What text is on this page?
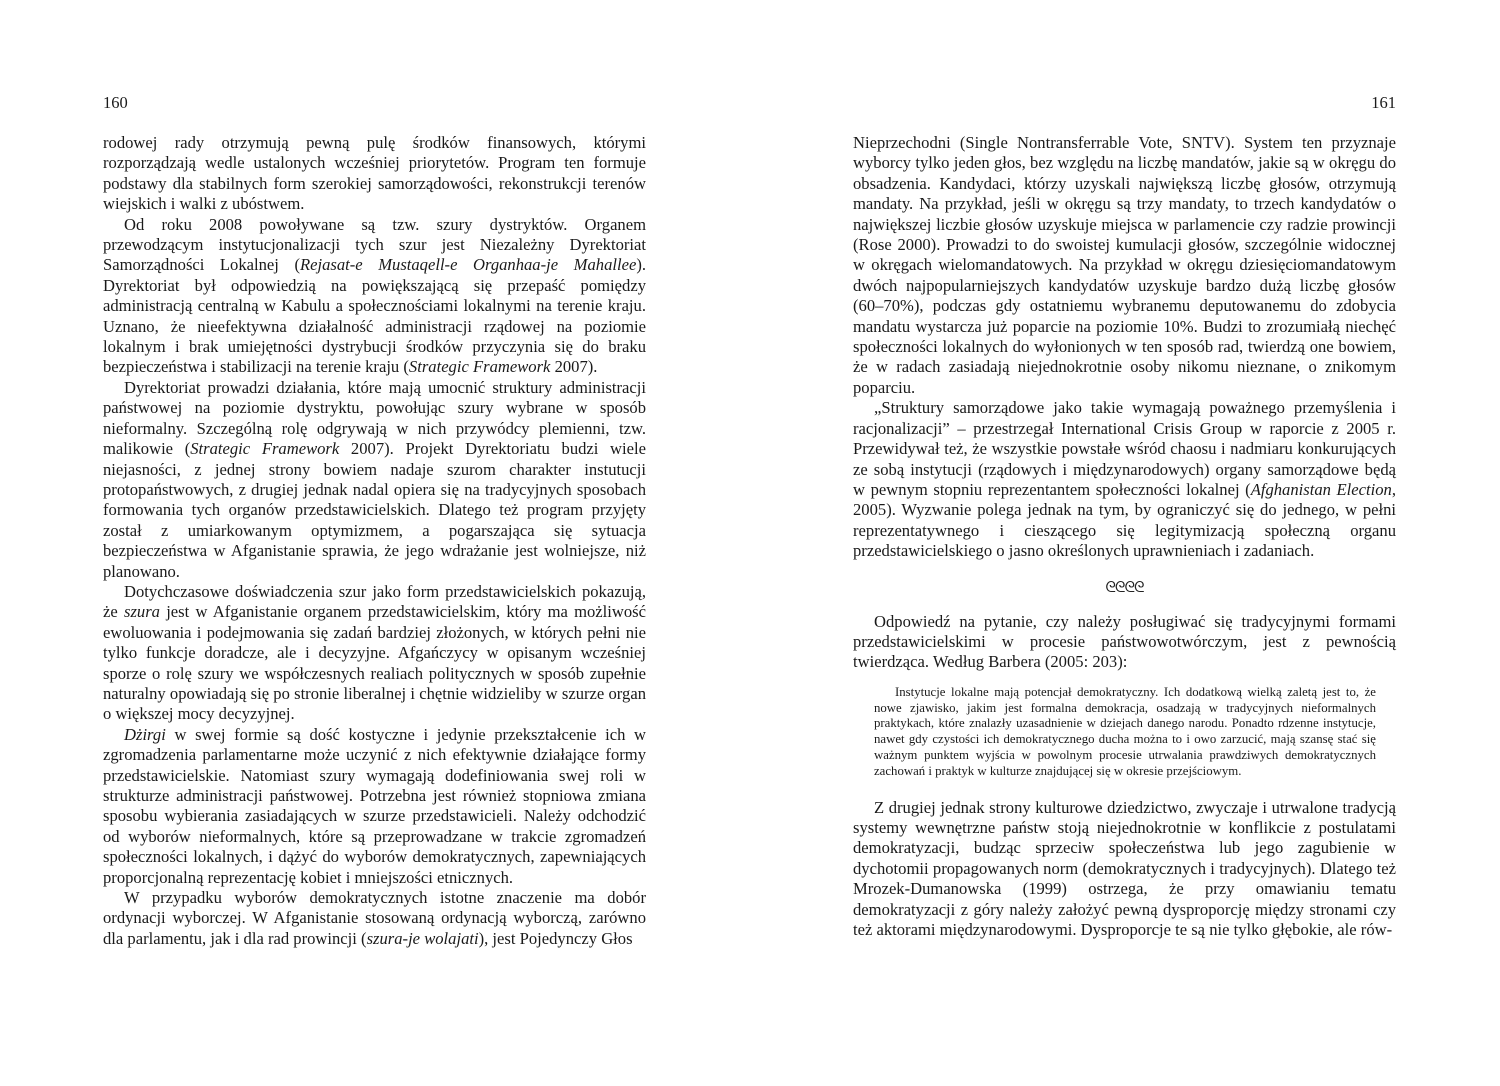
160

rodowej rady otrzymują pewną pulę środków finansowych, którymi rozporządzają wedle ustalonych wcześniej priorytetów. Program ten formuje podstawy dla stabilnych form szerokiej samorządowości, rekonstrukcji terenów wiejskich i walki z ubóstwem.

Od roku 2008 powoływane są tzw. szury dystryktów. Organem przewodzącym instytucjonalizacji tych szur jest Niezależny Dyrektoriat Samorządności Lokalnej (Rejasat-e Mustaqell-e Organhaa-je Mahallee). Dyrektoriat był odpowiedzią na powiększającą się przepaść pomiędzy administracją centralną w Kabulu a społecznościami lokalnymi na terenie kraju. Uznano, że nieefektywna działalność administracji rządowej na poziomie lokalnym i brak umiejętności dystrybucji środków przyczynia się do braku bezpieczeństwa i stabilizacji na terenie kraju (Strategic Framework 2007).

Dyrektoriat prowadzi działania, które mają umocnić struktury administracji państwowej na poziomie dystryktu, powołując szury wybrane w sposób nieformalny. Szczególną rolę odgrywają w nich przywódcy plemienni, tzw. malikowie (Strategic Framework 2007). Projekt Dyrektoriatu budzi wiele niejasności, z jednej strony bowiem nadaje szurom charakter instutucji protopaństwowych, z drugiej jednak nadal opiera się na tradycyjnych sposobach formowania tych organów przedstawicielskich. Dlatego też program przyjęty został z umiarkowanym optymizmem, a pogarszająca się sytuacja bezpieczeństwa w Afganistanie sprawia, że jego wdrażanie jest wolniejsze, niż planowano.

Dotychczasowe doświadczenia szur jako form przedstawicielskich pokazują, że szura jest w Afganistanie organem przedstawicielskim, który ma możliwość ewoluowania i podejmowania się zadań bardziej złożonych, w których pełni nie tylko funkcje doradcze, ale i decyzyjne. Afgańczycy w opisanym wcześniej sporze o rolę szury we współczesnych realiach politycznych w sposób zupełnie naturalny opowiadają się po stronie liberalnej i chętnie widzieliby w szurze organ o większej mocy decyzyjnej.

Dżirgi w swej formie są dość kostyczne i jedynie przekształcenie ich w zgromadzenia parlamentarne może uczynić z nich efektywnie działające formy przedstawicielskie. Natomiast szury wymagają dodefiniowania swej roli w strukturze administracji państwowej. Potrzebna jest również stopniowa zmiana sposobu wybierania zasiadających w szurze przedstawicieli. Należy odchodzić od wyborów nieformalnych, które są przeprowadzane w trakcie zgromadzeń społeczności lokalnych, i dążyć do wyborów demokratycznych, zapewniających proporcjonalną reprezentację kobiet i mniejszości etnicznych.

W przypadku wyborów demokratycznych istotne znaczenie ma dobór ordynacji wyborczej. W Afganistanie stosowaną ordynacją wyborczą, zarówno dla parlamentu, jak i dla rad prowincji (szura-je wolajati), jest Pojedynczy Głos

161

Nieprzechodni (Single Nontransferrable Vote, SNTV). System ten przyznaje wyborcy tylko jeden głos, bez względu na liczbę mandatów, jakie są w okręgu do obsadzenia. Kandydaci, którzy uzyskali największą liczbę głosów, otrzymują mandaty. Na przykład, jeśli w okręgu są trzy mandaty, to trzech kandydatów o największej liczbie głosów uzyskuje miejsca w parlamencie czy radzie prowincji (Rose 2000). Prowadzi to do swoistej kumulacji głosów, szczególnie widocznej w okręgach wielomandatowych. Na przykład w okręgu dziesięciomandatowym dwóch najpopularniejszych kandydatów uzyskuje bardzo dużą liczbę głosów (60–70%), podczas gdy ostatniemu wybranemu deputowanemu do zdobycia mandatu wystarcza już poparcie na poziomie 10%. Budzi to zrozumiałą niechęć społeczności lokalnych do wyłonionych w ten sposób rad, twierdzą one bowiem, że w radach zasiadają niejednokrotnie osoby nikomu nieznane, o znikomym poparciu.

„Struktury samorządowe jako takie wymagają poważnego przemyślenia i racjonalizacji” – przestrzegał International Crisis Group w raporcie z 2005 r. Przewidywał też, że wszystkie powstałe wśród chaosu i nadmiaru konkurujących ze sobą instytucji (rządowych i międzynarodowych) organy samorządowe będą w pewnym stopniu reprezentantem społeczności lokalnej (Afghanistan Election, 2005). Wyzwanie polega jednak na tym, by ograniczyć się do jednego, w pełni reprezentatywnego i cieszącego się legitymizacją społeczną organu przedstawicielskiego o jasno określonych uprawnieniach i zadaniach.

ᘓᘓᘓᘓ

Odpowiedź na pytanie, czy należy posługiwać się tradycyjnymi formami przedstawicielskimi w procesie państwowotwórczym, jest z pewnością twierdząca. Według Barbera (2005: 203):

Instytucje lokalne mają potencjał demokratyczny. Ich dodatkową wielką zaletą jest to, że nowe zjawisko, jakim jest formalna demokracja, osadzają w tradycyjnych nieformalnych praktykach, które znalazły uzasadnienie w dziejach danego narodu. Ponadto rdzenne instytucje, nawet gdy czystości ich demokratycznego ducha można to i owo zarzucić, mają szansę stać się ważnym punktem wyjścia w powolnym procesie utrwalania prawdziwych demokratycznych zachowań i praktyk w kulturze znajdującej się w okresie przejściowym.

Z drugiej jednak strony kulturowe dziedzictwo, zwyczaje i utrwalone tradycją systemy wewnętrzne państw stoją niejednokrotnie w konflikcie z postulatami demokratyzacji, budząc sprzeciw społeczeństwa lub jego zagubienie w dychotomii propagowanych norm (demokratycznych i tradycyjnych). Dlatego też Mrozek-Dumanowska (1999) ostrzega, że przy omawianiu tematu demokratyzacji z góry należy założyć pewną dysproporcję między stronami czy też aktorami międzynarodowymi. Dysproporcje te są nie tylko głębokie, ale rów-
